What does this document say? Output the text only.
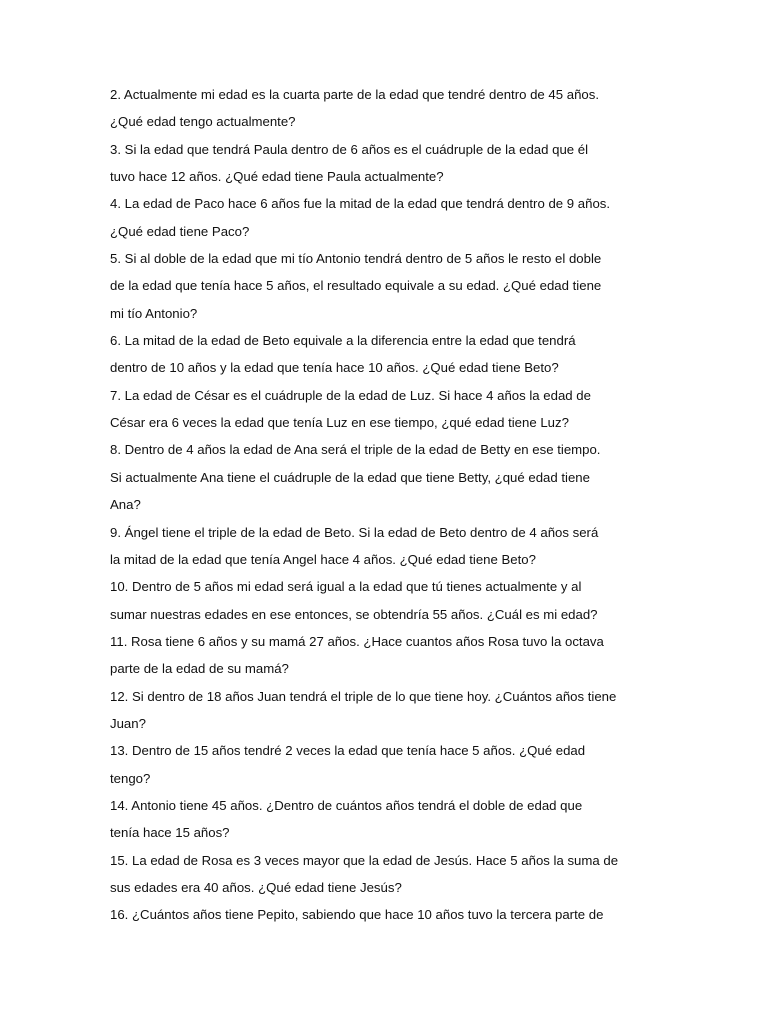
2. Actualmente mi edad es la cuarta parte de la edad que tendré dentro de 45 años.
¿Qué edad tengo actualmente?
3. Si la edad que tendrá Paula dentro de 6 años es el cuádruple de la edad que él
tuvo hace 12 años. ¿Qué edad tiene Paula actualmente?
4. La edad de Paco hace 6 años fue la mitad de la edad que tendrá dentro de 9 años.
¿Qué edad tiene Paco?
5. Si al doble de la edad que mi tío Antonio tendrá dentro de 5 años le resto el doble
de la edad que tenía hace 5 años, el resultado equivale a su edad. ¿Qué edad tiene
mi tío Antonio?
6. La mitad de la edad de Beto equivale a la diferencia entre la edad que tendrá
dentro de 10 años y la edad que tenía hace 10 años. ¿Qué edad tiene Beto?
7. La edad de César es el cuádruple de la edad de Luz. Si hace 4 años la edad de
César era 6 veces la edad que tenía Luz en ese tiempo, ¿qué edad tiene Luz?
8. Dentro de 4 años la edad de Ana será el triple de la edad de Betty en ese tiempo.
Si actualmente Ana tiene el cuádruple de la edad que tiene Betty, ¿qué edad tiene
Ana?
9. Ángel tiene el triple de la edad de Beto. Si la edad de Beto dentro de 4 años será
la mitad de la edad que tenía Angel hace 4 años. ¿Qué edad tiene Beto?
10. Dentro de 5 años mi edad será igual a la edad que tú tienes actualmente y al
sumar nuestras edades en ese entonces, se obtendría 55 años. ¿Cuál es mi edad?
11. Rosa tiene 6 años y su mamá 27 años. ¿Hace cuantos años Rosa tuvo la octava
parte de la edad de su mamá?
12. Si dentro de 18 años Juan tendrá el triple de lo que tiene hoy. ¿Cuántos años tiene
Juan?
13. Dentro de 15 años tendré 2 veces la edad que tenía hace 5 años. ¿Qué edad
tengo?
14. Antonio tiene 45 años. ¿Dentro de cuántos años tendrá el doble de edad que
tenía hace 15 años?
15. La edad de Rosa es 3 veces mayor que la edad de Jesús. Hace 5 años la suma de
sus edades era 40 años. ¿Qué edad tiene Jesús?
16. ¿Cuántos años tiene Pepito, sabiendo que hace 10 años tuvo la tercera parte de
